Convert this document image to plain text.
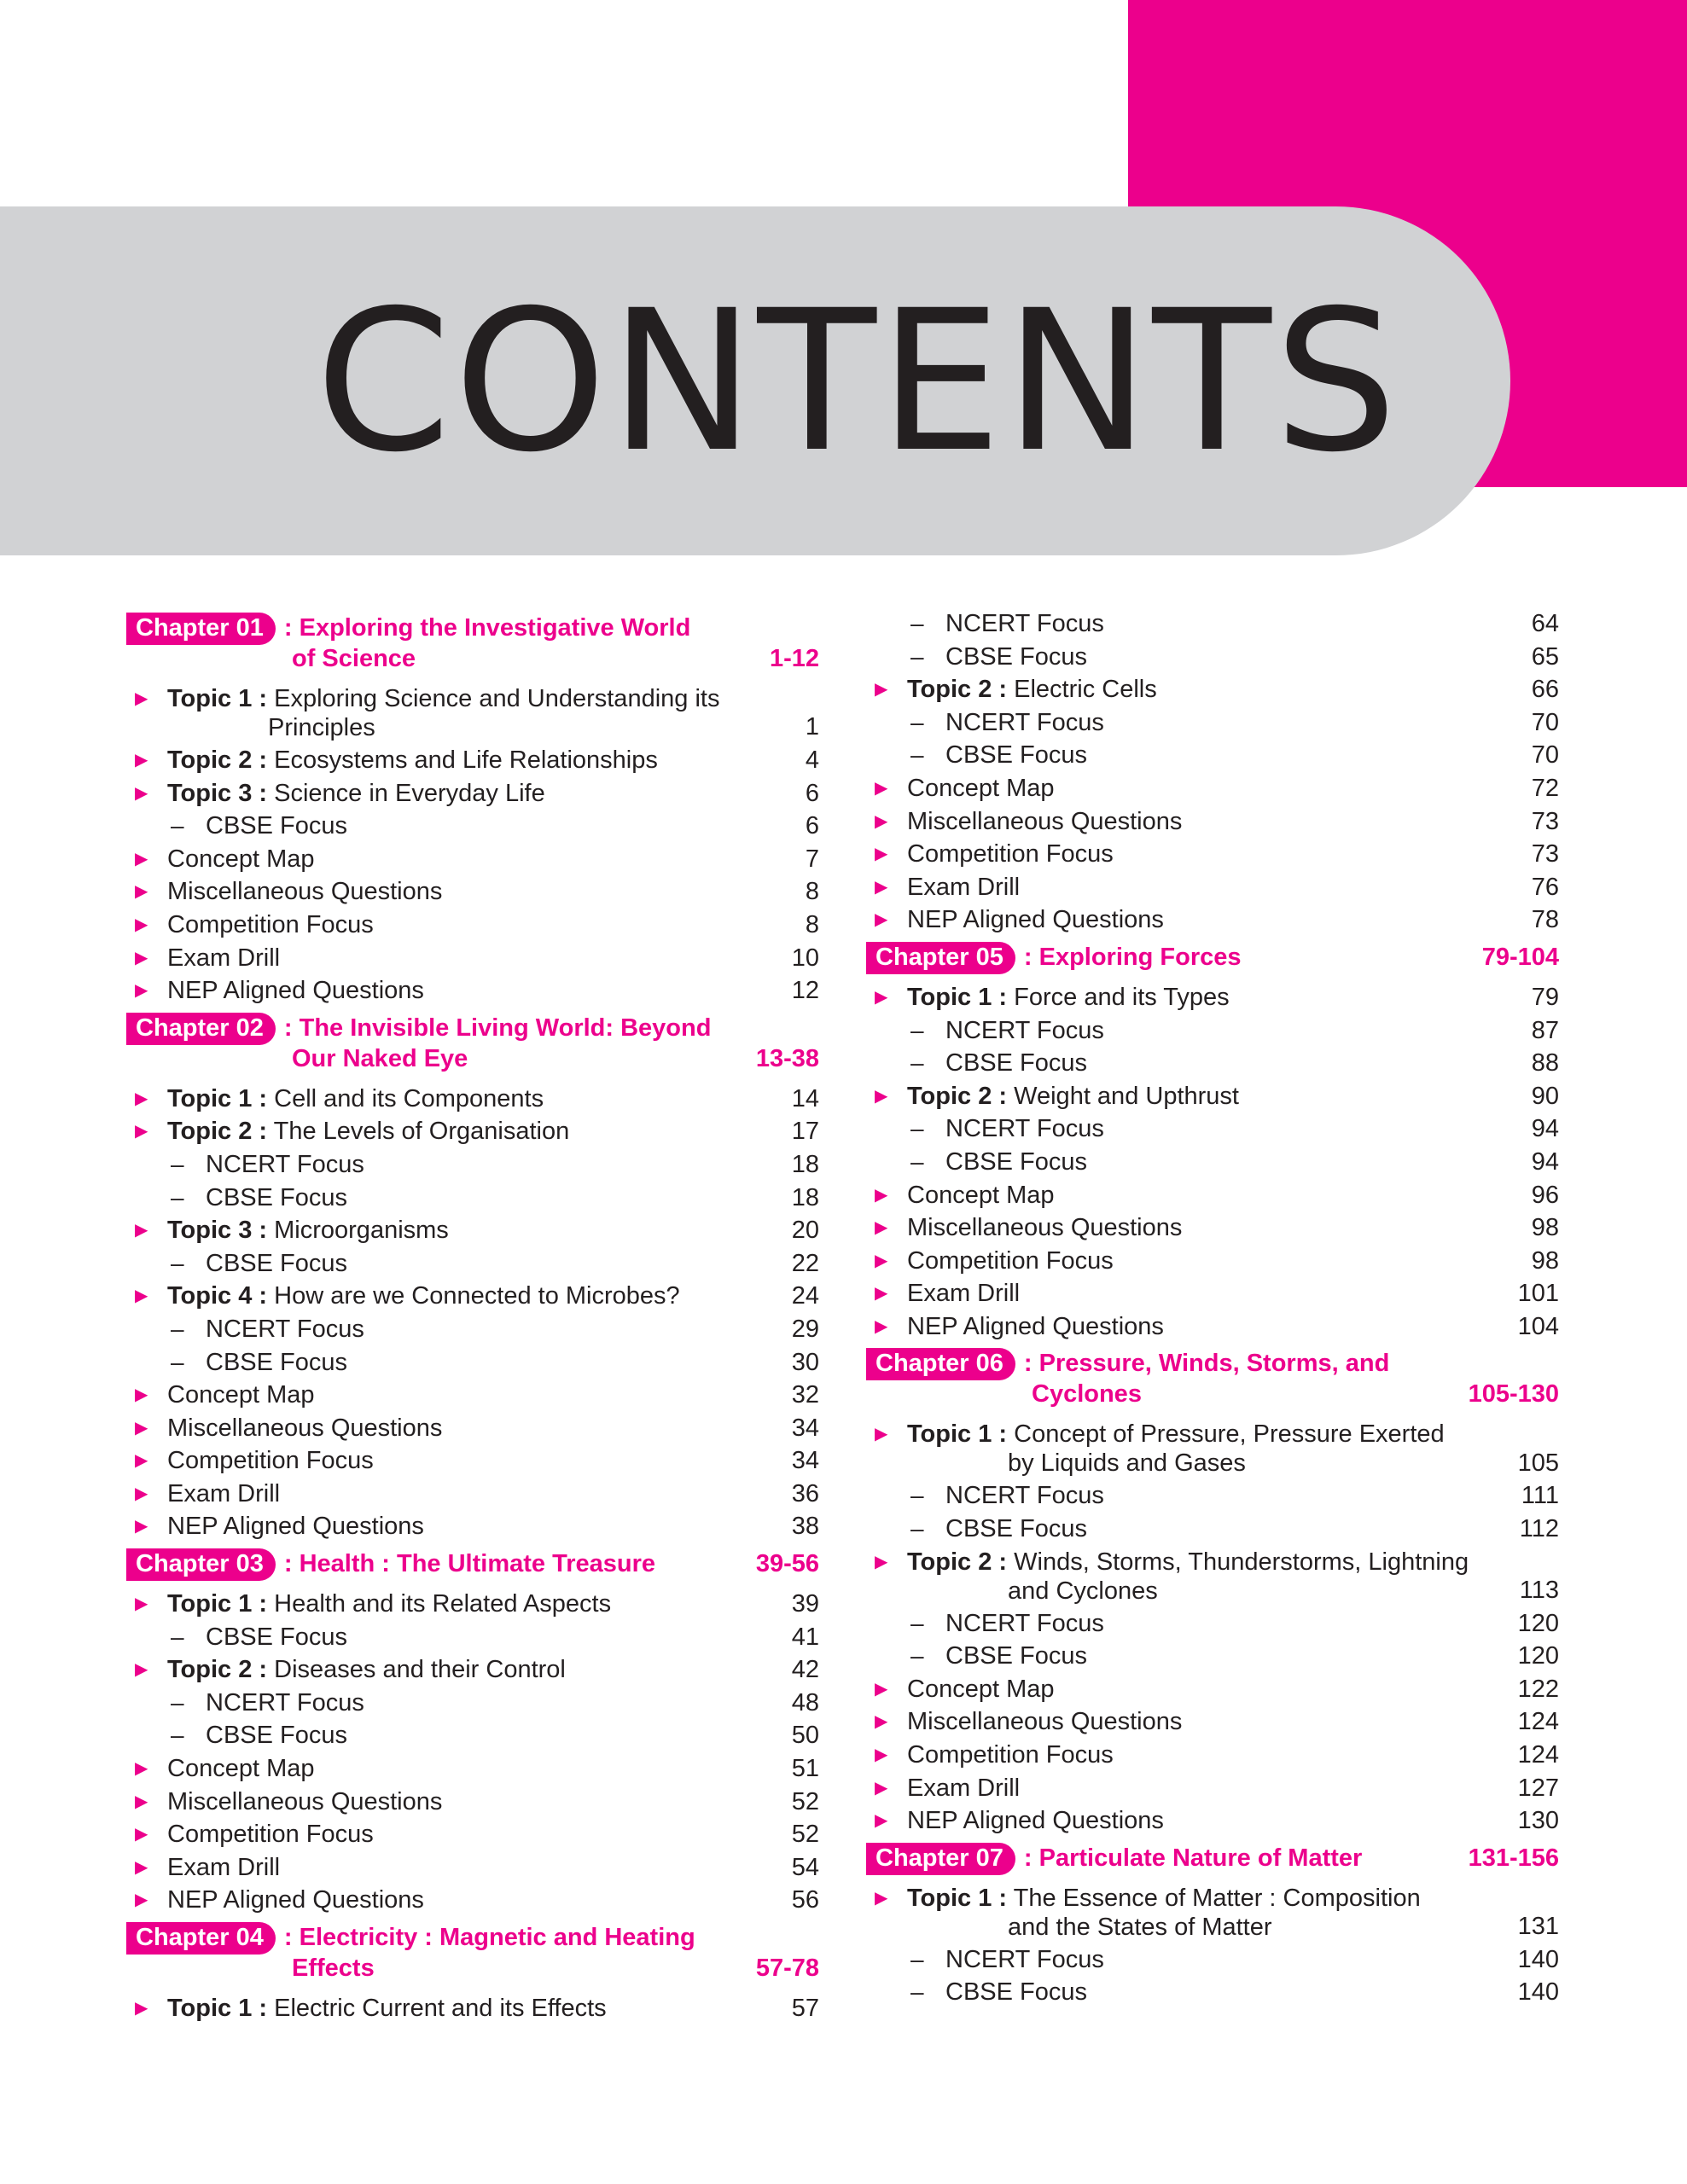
CONTENTS
Chapter 01 : Exploring the Investigative World
of Science	1-12
▶ Topic 1 : Exploring Science and Understanding its
Principles	1
▶ Topic 2 : Ecosystems and Life Relationships	4
▶ Topic 3 : Science in Everyday Life	6
– CBSE Focus	6
▶ Concept Map	7
▶ Miscellaneous Questions	8
▶ Competition Focus	8
▶ Exam Drill	10
▶ NEP Aligned Questions	12
Chapter 02 : The Invisible Living World: Beyond
Our Naked Eye	13-38
▶ Topic 1 : Cell and its Components	14
▶ Topic 2 : The Levels of Organisation	17
– NCERT Focus	18
– CBSE Focus	18
▶ Topic 3 : Microorganisms	20
– CBSE Focus	22
▶ Topic 4 : How are we Connected to Microbes?	24
– NCERT Focus	29
– CBSE Focus	30
▶ Concept Map	32
▶ Miscellaneous Questions	34
▶ Competition Focus	34
▶ Exam Drill	36
▶ NEP Aligned Questions	38
Chapter 03 : Health : The Ultimate Treasure	39-56
▶ Topic 1 : Health and its Related Aspects	39
– CBSE Focus	41
▶ Topic 2 : Diseases and their Control	42
– NCERT Focus	48
– CBSE Focus	50
▶ Concept Map	51
▶ Miscellaneous Questions	52
▶ Competition Focus	52
▶ Exam Drill	54
▶ NEP Aligned Questions	56
Chapter 04 : Electricity : Magnetic and Heating
Effects	57-78
▶ Topic 1 : Electric Current and its Effects	57
– NCERT Focus	64
– CBSE Focus	65
▶ Topic 2 : Electric Cells	66
– NCERT Focus	70
– CBSE Focus	70
▶ Concept Map	72
▶ Miscellaneous Questions	73
▶ Competition Focus	73
▶ Exam Drill	76
▶ NEP Aligned Questions	78
Chapter 05 : Exploring Forces	79-104
▶ Topic 1 : Force and its Types	79
– NCERT Focus	87
– CBSE Focus	88
▶ Topic 2 : Weight and Upthrust	90
– NCERT Focus	94
– CBSE Focus	94
▶ Concept Map	96
▶ Miscellaneous Questions	98
▶ Competition Focus	98
▶ Exam Drill	101
▶ NEP Aligned Questions	104
Chapter 06 : Pressure, Winds, Storms, and
Cyclones	105-130
▶ Topic 1 : Concept of Pressure, Pressure Exerted
by Liquids and Gases	105
– NCERT Focus	111
– CBSE Focus	112
▶ Topic 2 : Winds, Storms, Thunderstorms, Lightning
and Cyclones	113
– NCERT Focus	120
– CBSE Focus	120
▶ Concept Map	122
▶ Miscellaneous Questions	124
▶ Competition Focus	124
▶ Exam Drill	127
▶ NEP Aligned Questions	130
Chapter 07 : Particulate Nature of Matter	131-156
▶ Topic 1 : The Essence of Matter : Composition
and the States of Matter	131
– NCERT Focus	140
– CBSE Focus	140
